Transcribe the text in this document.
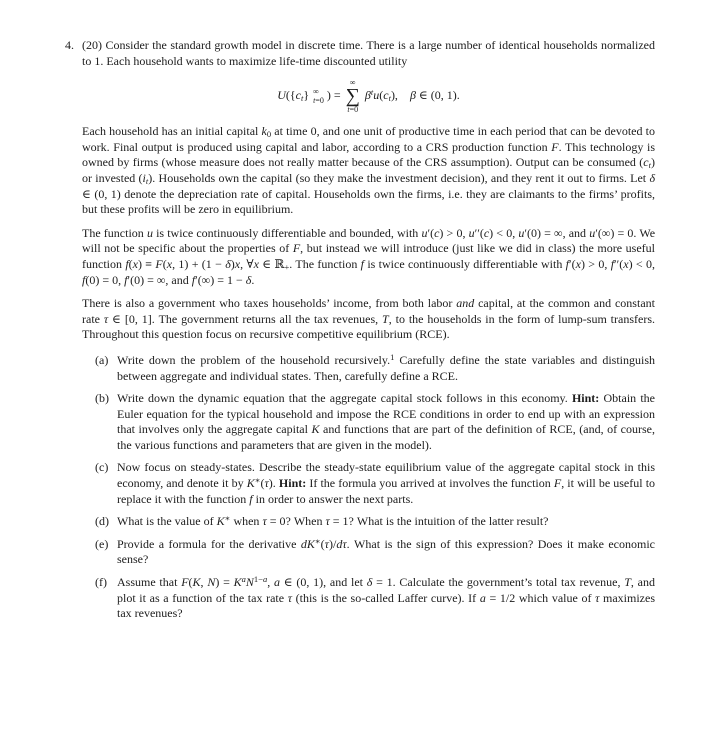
4. (20) Consider the standard growth model in discrete time. There is a large number of identical households normalized to 1. Each household wants to maximize life-time discounted utility

$U(\{c_t\}$ ∞
t=0 ) =
∞
∑
t=0
$\beta^tu(c_t)$, β ∈ (0, 1).

Each household has an initial capital $k_0$ at time 0, and one unit of productive time in each period that can be devoted to work. Final output is produced using capital and labor, according to a CRS production function F. This technology is owned by firms (whose measure does not really matter because of the CRS assumption). Output can be consumed $(c_t)$ or invested $(i_t)$. Households own the capital (so they make the investment decision), and they rent it out to firms. Let δ ∈ (0, 1) denote the depreciation rate of capital. Households own the firms, i.e. they are claimants to the firms’ profits, but these profits will be zero in equilibrium.

The function u is twice continuously differentiable and bounded, with u′(c) > 0, u′′(c) < 0, u′(0) = ∞, and u′(∞) = 0. We will not be specific about the properties of F, but instead we will introduce (just like we did in class) the more useful function f(x) ≡ F(x, 1) + (1 − δ)x, ∀x ∈ ℝ$_+$. The function f is twice continuously differentiable with f′(x) > 0, f′′(x) < 0, f(0) = 0, f′(0) = ∞, and f′(∞) = 1 − δ.

There is also a government who taxes households’ income, from both labor and capital, at the common and constant rate τ ∈ [0, 1]. The government returns all the tax revenues, T, to the households in the form of lump-sum transfers. Throughout this question focus on recursive competitive equilibrium (RCE).

(a) Write down the problem of the household recursively.$^1$ Carefully define the state variables and distinguish between aggregate and individual states. Then, carefully define a RCE.
(b) Write down the dynamic equation that the aggregate capital stock follows in this economy. Hint: Obtain the Euler equation for the typical household and impose the RCE conditions in order to end up with an expression that involves only the aggregate capital K and functions that are part of the definition of RCE, (and, of course, the various functions and parameters that are given in the model).
(c) Now focus on steady-states. Describe the steady-state equilibrium value of the aggregate capital stock in this economy, and denote it by K∗(τ). Hint: If the formula you arrived at involves the function F, it will be useful to replace it with the function f in order to answer the next parts.
(d) What is the value of K∗ when τ = 0? When τ = 1? What is the intuition of the latter result?
(e) Provide a formula for the derivative dK∗(τ)/dτ. What is the sign of this expression? Does it make economic sense?
(f) Assume that F(K, $N) = K^aN^{1-a}$, a ∈ (0, 1), and let δ = 1. Calculate the government’s total tax revenue, T, and plot it as a function of the tax rate τ (this is the so-called Laffer curve). If a = 1/2 which value of τ maximizes tax revenues?
